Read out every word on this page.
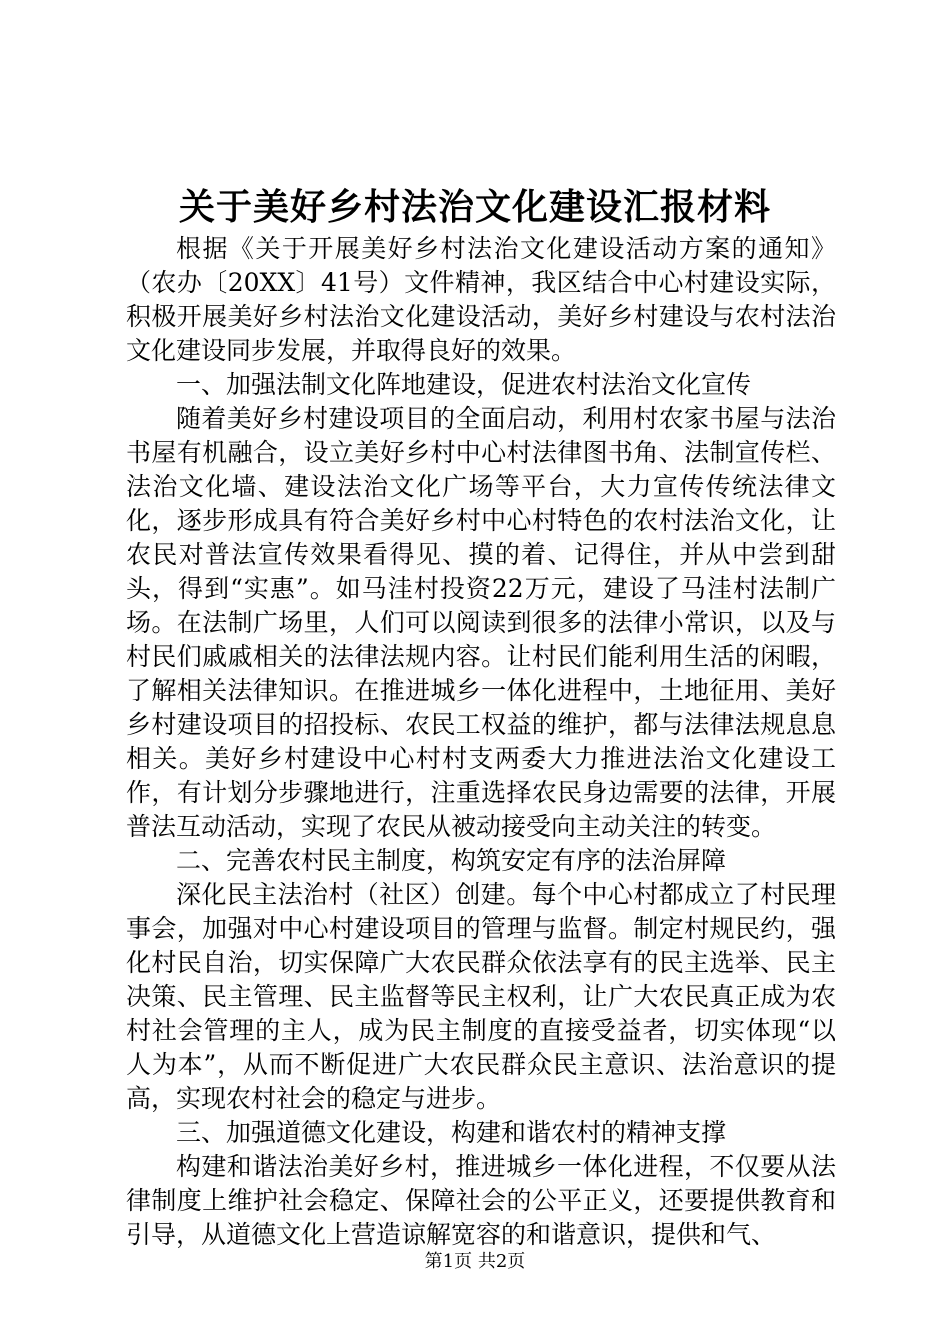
关于美好乡村法治文化建设汇报材料

根据《关于开展美好乡村法治文化建设活动方案的通知》（农办〔20XX〕41号）文件精神，我区结合中心村建设实际，积极开展美好乡村法治文化建设活动，美好乡村建设与农村法治文化建设同步发展，并取得良好的效果。

一、加强法制文化阵地建设，促进农村法治文化宣传

随着美好乡村建设项目的全面启动，利用村农家书屋与法治书屋有机融合，设立美好乡村中心村法律图书角、法制宣传栏、法治文化墙、建设法治文化广场等平台，大力宣传传统法律文化，逐步形成具有符合美好乡村中心村特色的农村法治文化，让农民对普法宣传效果看得见、摸的着、记得住，并从中尝到甜头，得到“实惠”。如马洼村投资22万元，建设了马洼村法制广场。在法制广场里，人们可以阅读到很多的法律小常识，以及与村民们戚戚相关的法律法规内容。让村民们能利用生活的闲暇，了解相关法律知识。在推进城乡一体化进程中，土地征用、美好乡村建设项目的招投标、农民工权益的维护，都与法律法规息息相关。美好乡村建设中心村村支两委大力推进法治文化建设工作，有计划分步骤地进行，注重选择农民身边需要的法律，开展普法互动活动，实现了农民从被动接受向主动关注的转变。

二、完善农村民主制度，构筑安定有序的法治屏障

深化民主法治村（社区）创建。每个中心村都成立了村民理事会，加强对中心村建设项目的管理与监督。制定村规民约，强化村民自治，切实保障广大农民群众依法享有的民主选举、民主决策、民主管理、民主监督等民主权利，让广大农民真正成为农村社会管理的主人，成为民主制度的直接受益者，切实体现“以人为本”，从而不断促进广大农民群众民主意识、法治意识的提高，实现农村社会的稳定与进步。

三、加强道德文化建设，构建和谐农村的精神支撑

构建和谐法治美好乡村，推进城乡一体化进程，不仅要从法律制度上维护社会稳定、保障社会的公平正义，还要提供教育和引导，从道德文化上营造谅解宽容的和谐意识，提供和气、

第1页 共2页
